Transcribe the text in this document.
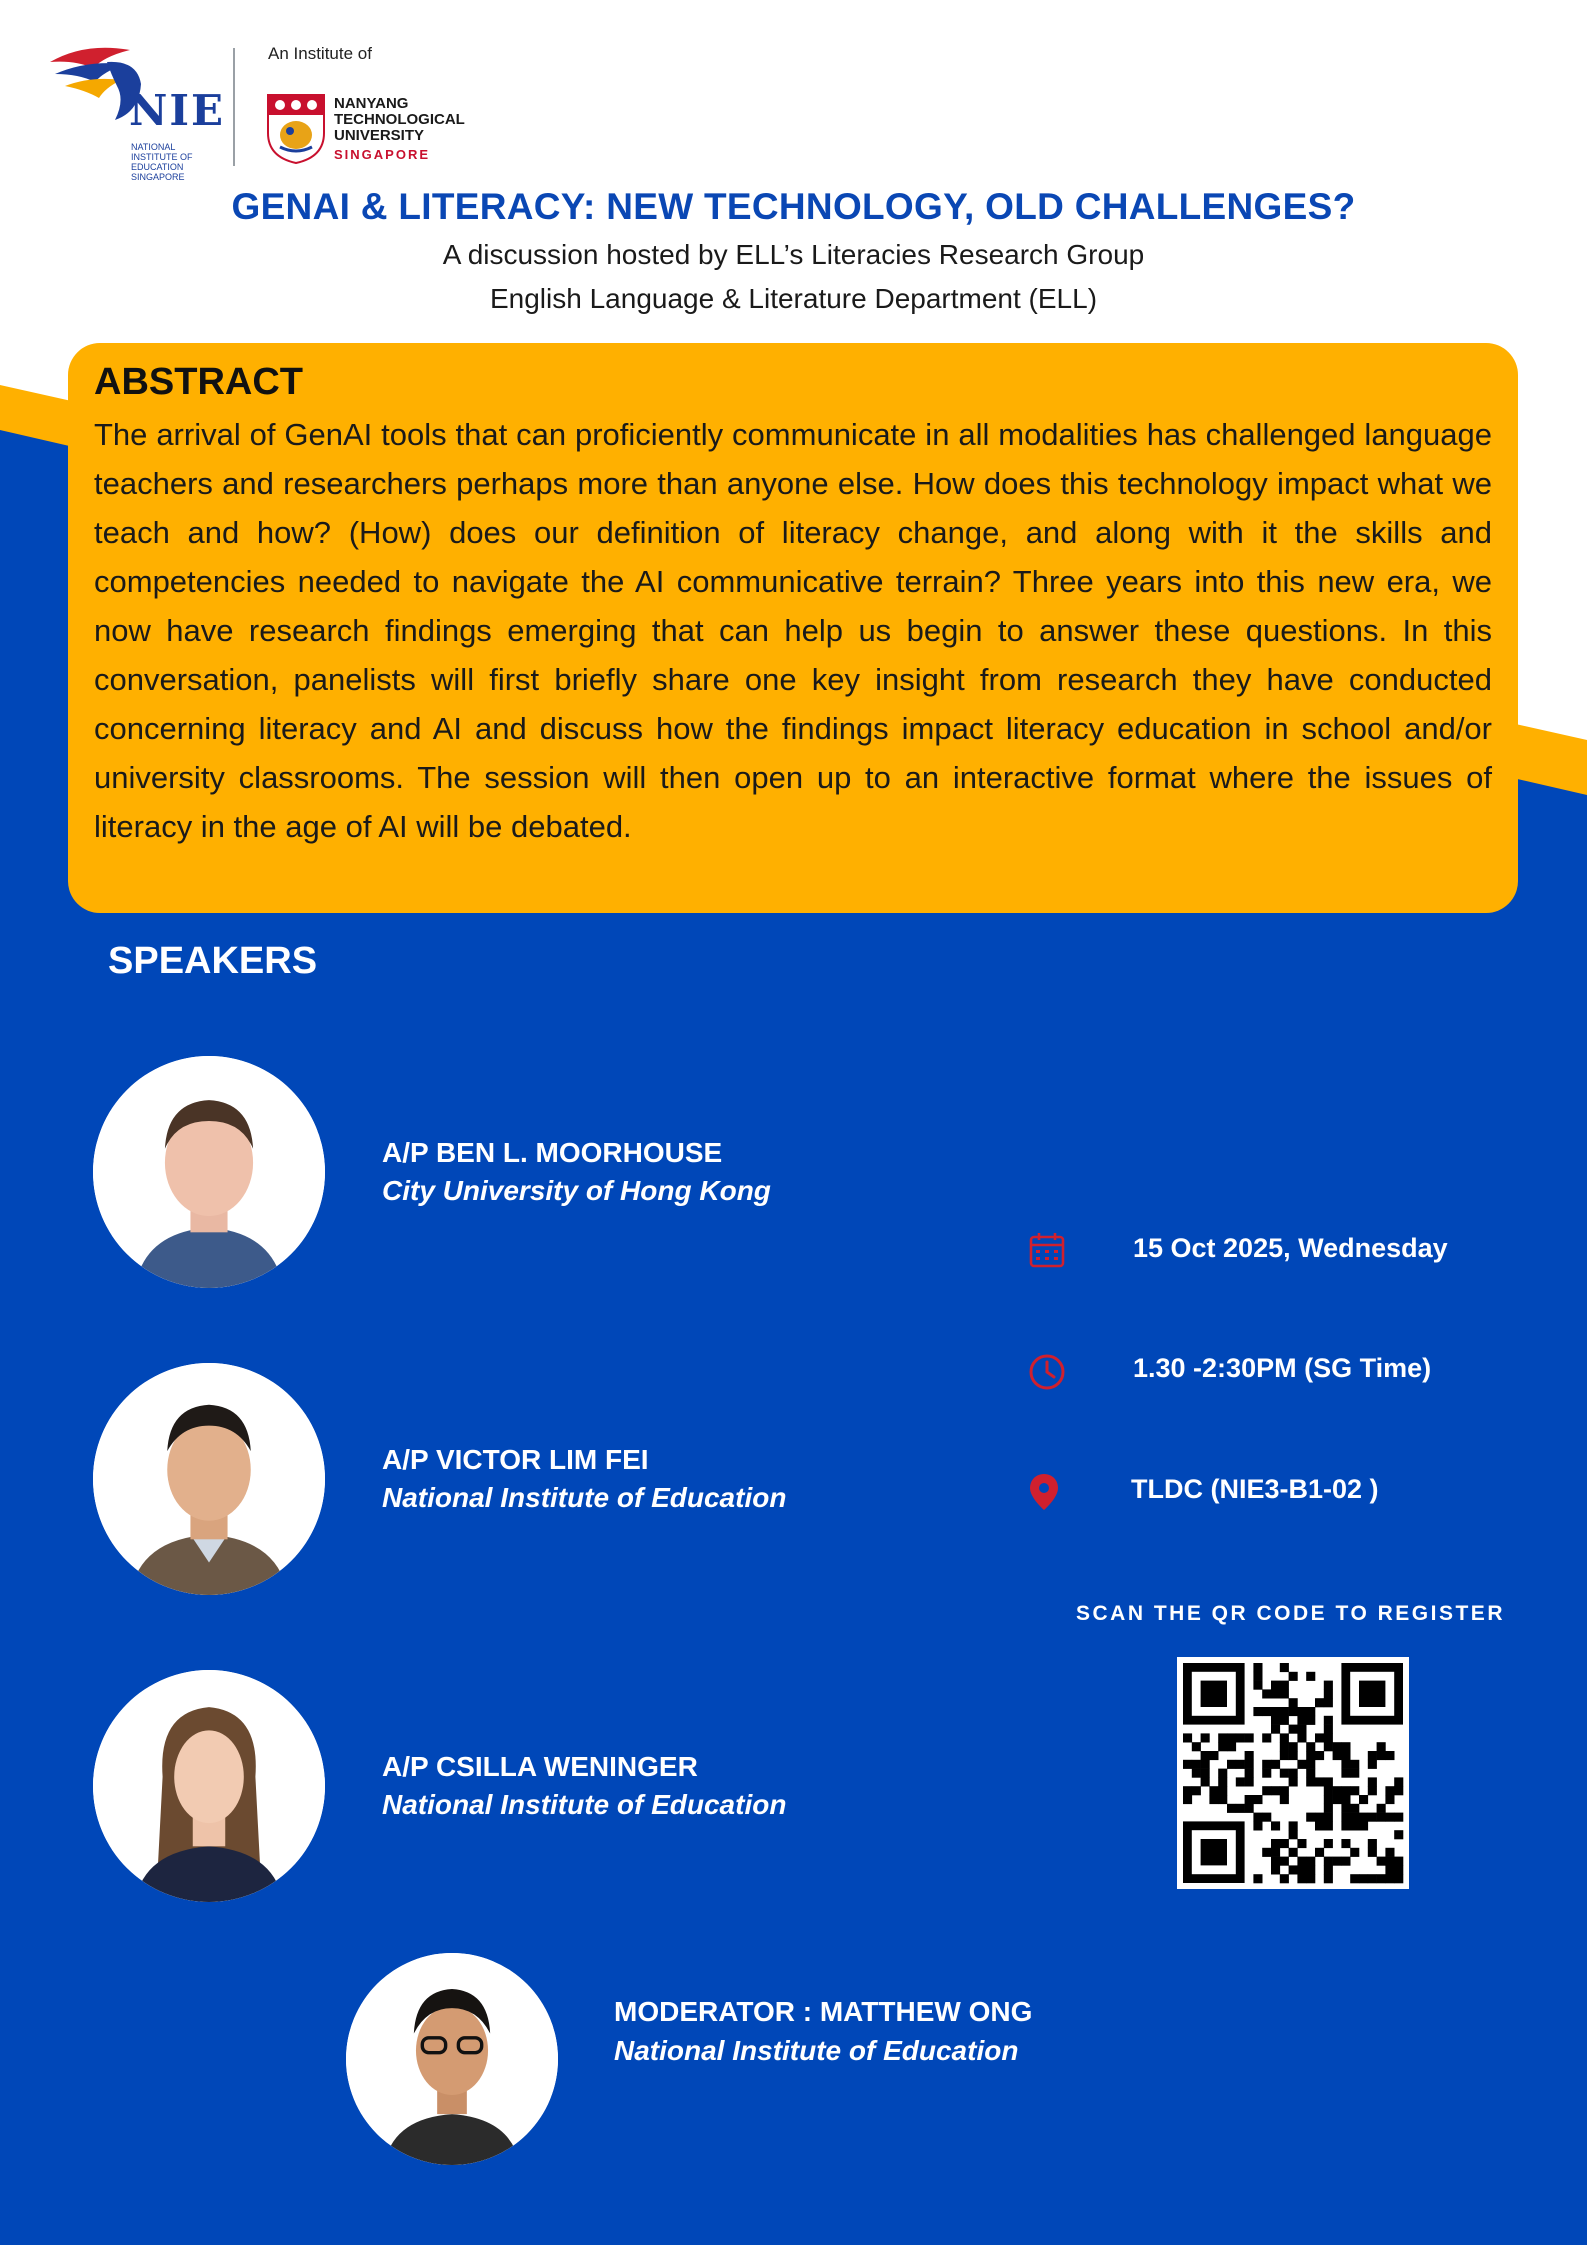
NIE
NATIONAL
INSTITUTE OF
EDUCATION
SINGAPORE
An Institute of
NANYANG
TECHNOLOGICAL
UNIVERSITY
SINGAPORE
GENAI & LITERACY: NEW TECHNOLOGY, OLD CHALLENGES?
A discussion hosted by ELL’s Literacies Research Group
English Language & Literature Department (ELL)
ABSTRACT

The arrival of GenAI tools that can proficiently communicate in all modalities has challenged language teachers and researchers perhaps more than anyone else. How does this technology impact what we teach and how? (How) does our definition of literacy change, and along with it the skills and competencies needed to navigate the AI communicative terrain? Three years into this new era, we now have research findings emerging that can help us begin to answer these questions. In this conversation, panelists will first briefly share one key insight from research they have conducted concerning literacy and AI and discuss how the findings impact literacy education in school and/or university classrooms. The session will then open up to an interactive format where the issues of literacy in the age of AI will be debated.

SPEAKERS
A/P BEN L. MOORHOUSE
City University of Hong Kong
A/P VICTOR LIM FEI
National Institute of Education
A/P CSILLA WENINGER
National Institute of Education
MODERATOR : MATTHEW ONG
National Institute of Education
15 Oct 2025, Wednesday
1.30 -2:30PM (SG Time)
TLDC (NIE3-B1-02 )
SCAN THE QR CODE TO REGISTER
